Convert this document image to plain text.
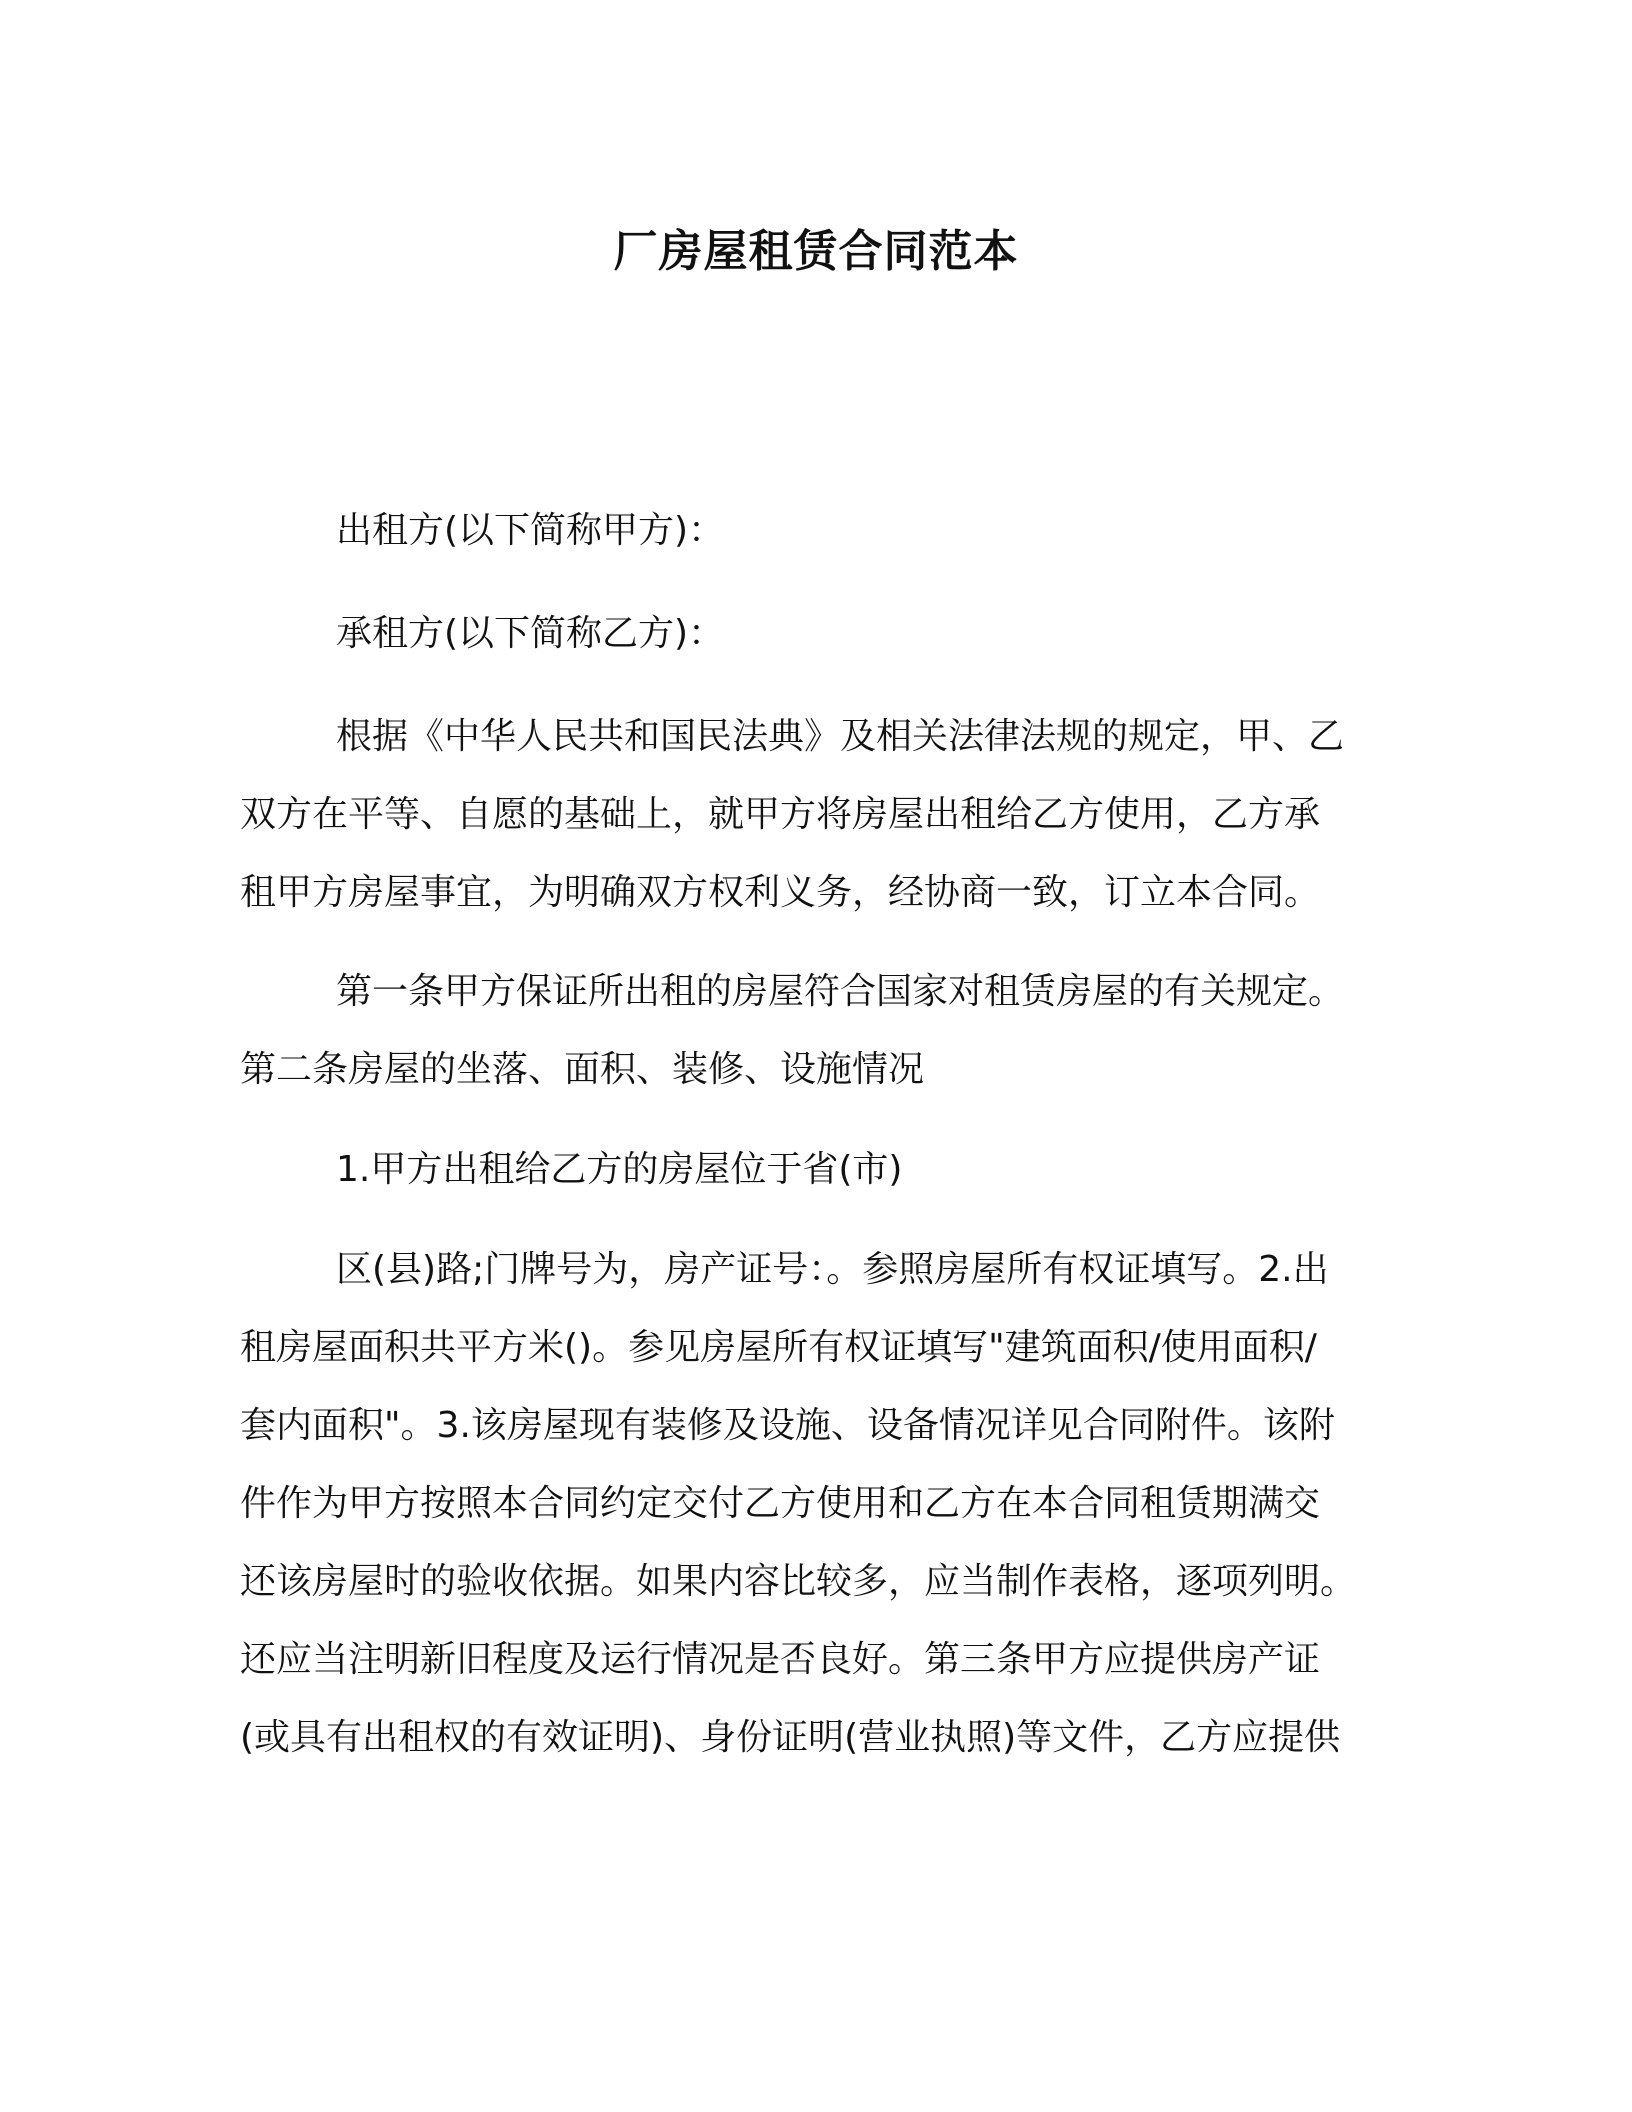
厂房屋租赁合同范本

出租方(以下简称甲方)：

承租方(以下简称乙方)：

根据《中华人民共和国民法典》及相关法律法规的规定，甲、乙
双方在平等、自愿的基础上，就甲方将房屋出租给乙方使用，乙方承
租甲方房屋事宜，为明确双方权利义务，经协商一致，订立本合同。
第一条甲方保证所出租的房屋符合国家对租赁房屋的有关规定。
第二条房屋的坐落、面积、装修、设施情况

1.甲方出租给乙方的房屋位于省(市)

区(县)路;门牌号为，房产证号：。参照房屋所有权证填写。2.出
租房屋面积共平方米()。参见房屋所有权证填写"建筑面积/使用面积/
套内面积"。3.该房屋现有装修及设施、设备情况详见合同附件。该附
件作为甲方按照本合同约定交付乙方使用和乙方在本合同租赁期满交
还该房屋时的验收依据。如果内容比较多，应当制作表格，逐项列明。
还应当注明新旧程度及运行情况是否良好。第三条甲方应提供房产证
(或具有出租权的有效证明)、身份证明(营业执照)等文件，乙方应提供
